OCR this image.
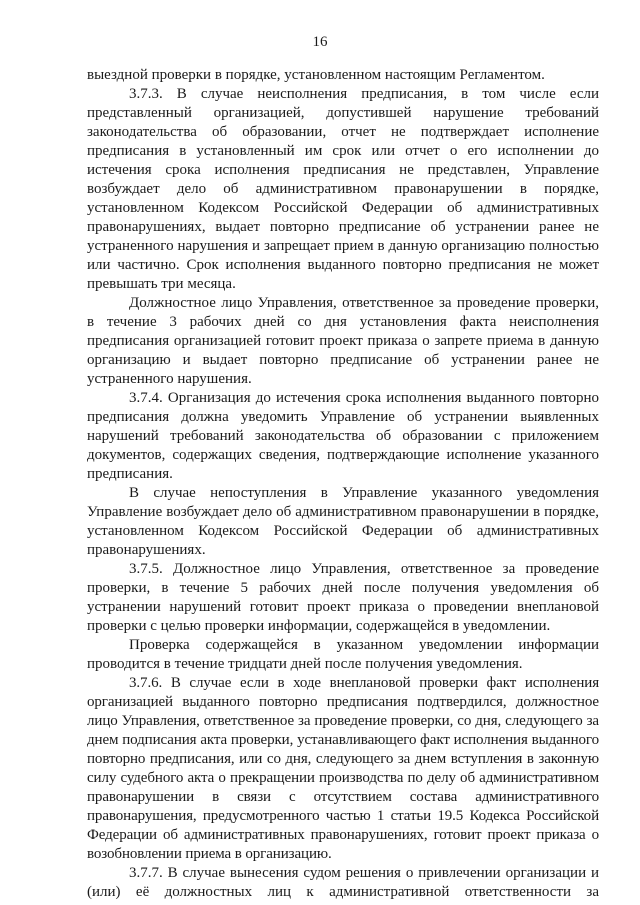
16

выездной проверки в порядке, установленном настоящим Регламентом.

3.7.3. В случае неисполнения предписания, в том числе если представленный организацией, допустившей нарушение требований законодательства об образовании, отчет не подтверждает исполнение предписания в установленный им срок или отчет о его исполнении до истечения срока исполнения предписания не представлен, Управление возбуждает дело об административном правонарушении в порядке, установленном Кодексом Российской Федерации об административных правонарушениях, выдает повторно предписание об устранении ранее не устраненного нарушения и запрещает прием в данную организацию полностью или частично. Срок исполнения выданного повторно предписания не может превышать три месяца.

Должностное лицо Управления, ответственное за проведение проверки, в течение 3 рабочих дней со дня установления факта неисполнения предписания организацией готовит проект приказа о запрете приема в данную организацию и выдает повторно предписание об устранении ранее не устраненного нарушения.

3.7.4. Организация до истечения срока исполнения выданного повторно предписания должна уведомить Управление об устранении выявленных нарушений требований законодательства об образовании с приложением документов, содержащих сведения, подтверждающие исполнение указанного предписания.

В случае непоступления в Управление указанного уведомления Управление возбуждает дело об административном правонарушении в порядке, установленном Кодексом Российской Федерации об административных правонарушениях.

3.7.5. Должностное лицо Управления, ответственное за проведение проверки, в течение 5 рабочих дней после получения уведомления об устранении нарушений готовит проект приказа о проведении внеплановой проверки с целью проверки информации, содержащейся в уведомлении.

Проверка содержащейся в указанном уведомлении информации проводится в течение тридцати дней после получения уведомления.

3.7.6. В случае если в ходе внеплановой проверки факт исполнения организацией выданного повторно предписания подтвердился, должностное лицо Управления, ответственное за проведение проверки, со дня, следующего за днем подписания акта проверки, устанавливающего факт исполнения выданного повторно предписания, или со дня, следующего за днем вступления в законную силу судебного акта о прекращении производства по делу об административном правонарушении в связи с отсутствием состава административного правонарушения, предусмотренного частью 1 статьи 19.5 Кодекса Российской Федерации об административных правонарушениях, готовит проект приказа о возобновлении приема в организацию.

3.7.7. В случае вынесения судом решения о привлечении организации и (или) её должностных лиц к административной ответственности за
